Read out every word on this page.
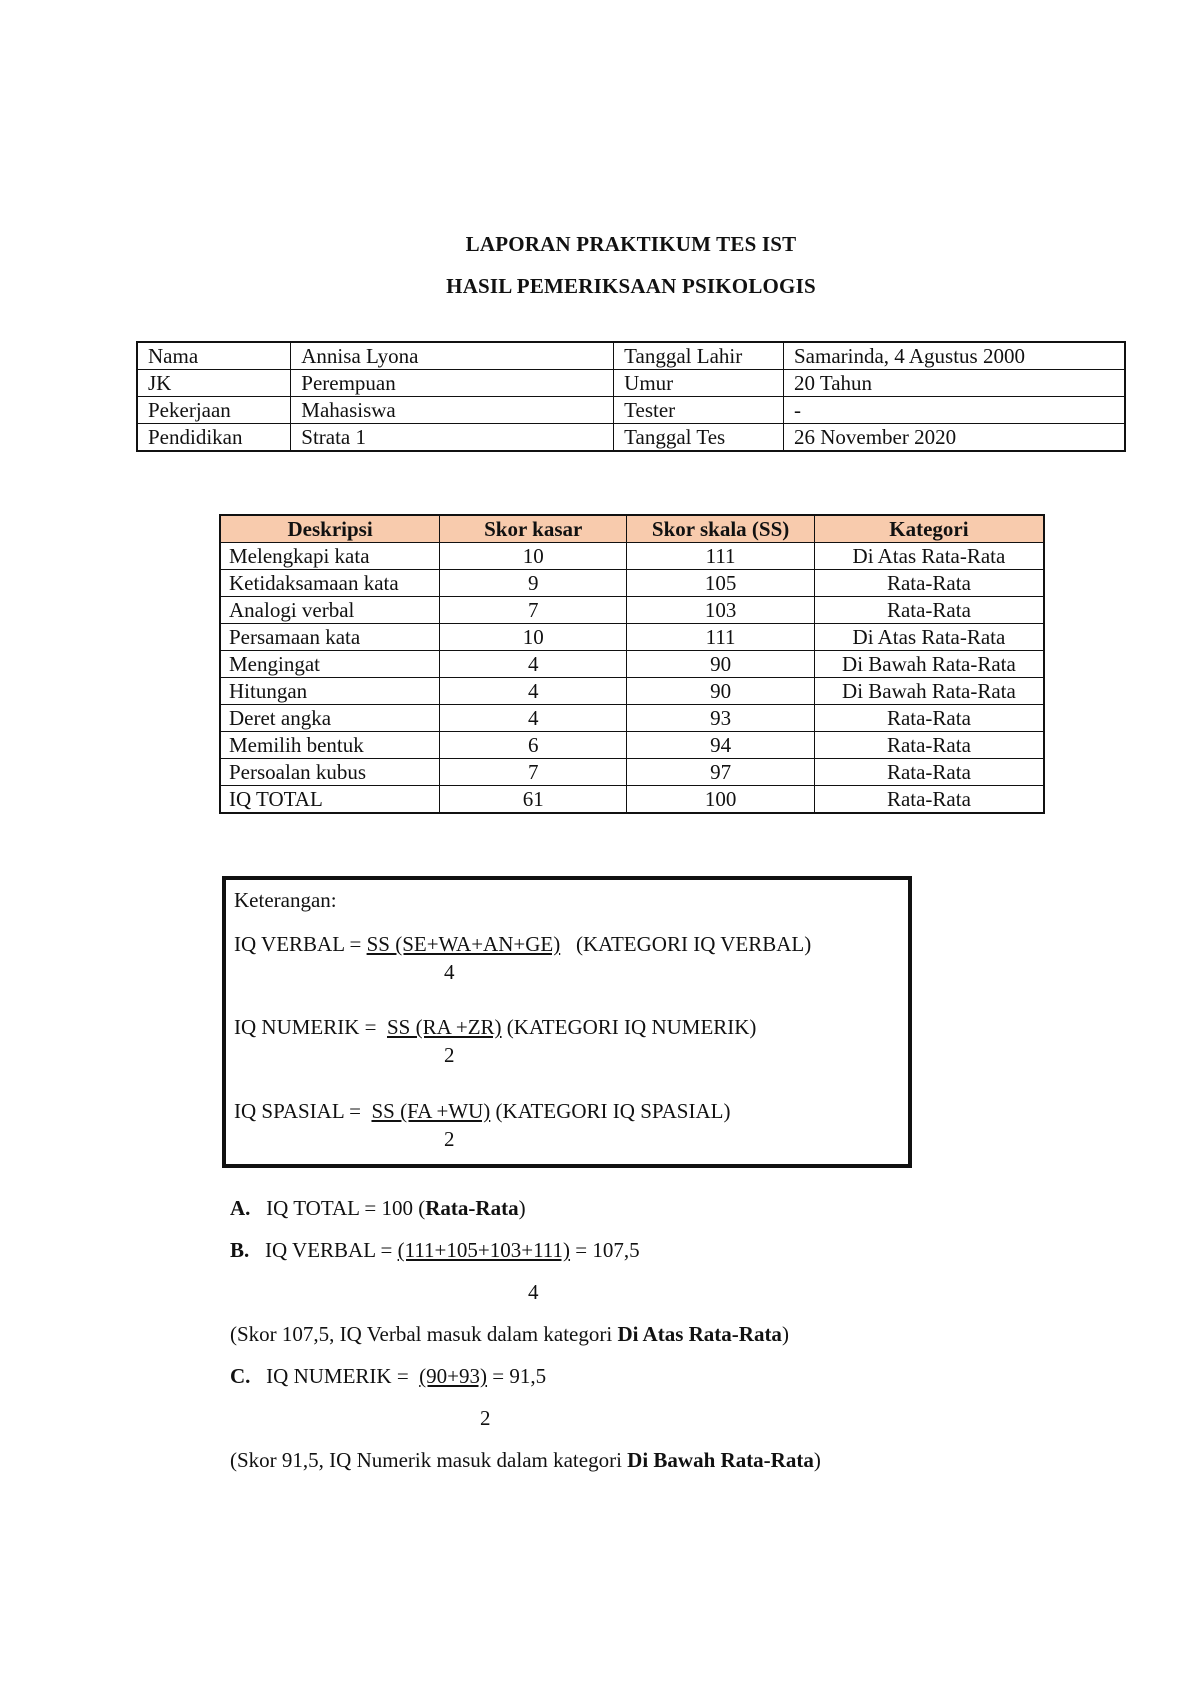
LAPORAN PRAKTIKUM TES IST
HASIL PEMERIKSAAN PSIKOLOGIS
Nama	Annisa Lyona	Tanggal Lahir	Samarinda, 4 Agustus 2000
JK	Perempuan	Umur	20 Tahun
Pekerjaan	Mahasiswa	Tester	-
Pendidikan	Strata 1	Tanggal Tes	26 November 2020
Deskripsi	Skor kasar	Skor skala (SS)	Kategori
Melengkapi kata	10	111	Di Atas Rata-Rata
Ketidaksamaan kata	9	105	Rata-Rata
Analogi verbal	7	103	Rata-Rata
Persamaan kata	10	111	Di Atas Rata-Rata
Mengingat	4	90	Di Bawah Rata-Rata
Hitungan	4	90	Di Bawah Rata-Rata
Deret angka	4	93	Rata-Rata
Memilih bentuk	6	94	Rata-Rata
Persoalan kubus	7	97	Rata-Rata
IQ TOTAL	61	100	Rata-Rata
Keterangan:
IQ VERBAL = SS (SE+WA+AN+GE) (KATEGORI IQ VERBAL)
4
IQ NUMERIK =  SS (RA +ZR) (KATEGORI IQ NUMERIK)
2
IQ SPASIAL =  SS (FA +WU) (KATEGORI IQ SPASIAL)
2
A. IQ TOTAL = 100 (Rata-Rata)
B. IQ VERBAL = (111+105+103+111) = 107,5
4
(Skor 107,5, IQ Verbal masuk dalam kategori Di Atas Rata-Rata)
C. IQ NUMERIK =  (90+93) = 91,5
2
(Skor 91,5, IQ Numerik masuk dalam kategori Di Bawah Rata-Rata)
